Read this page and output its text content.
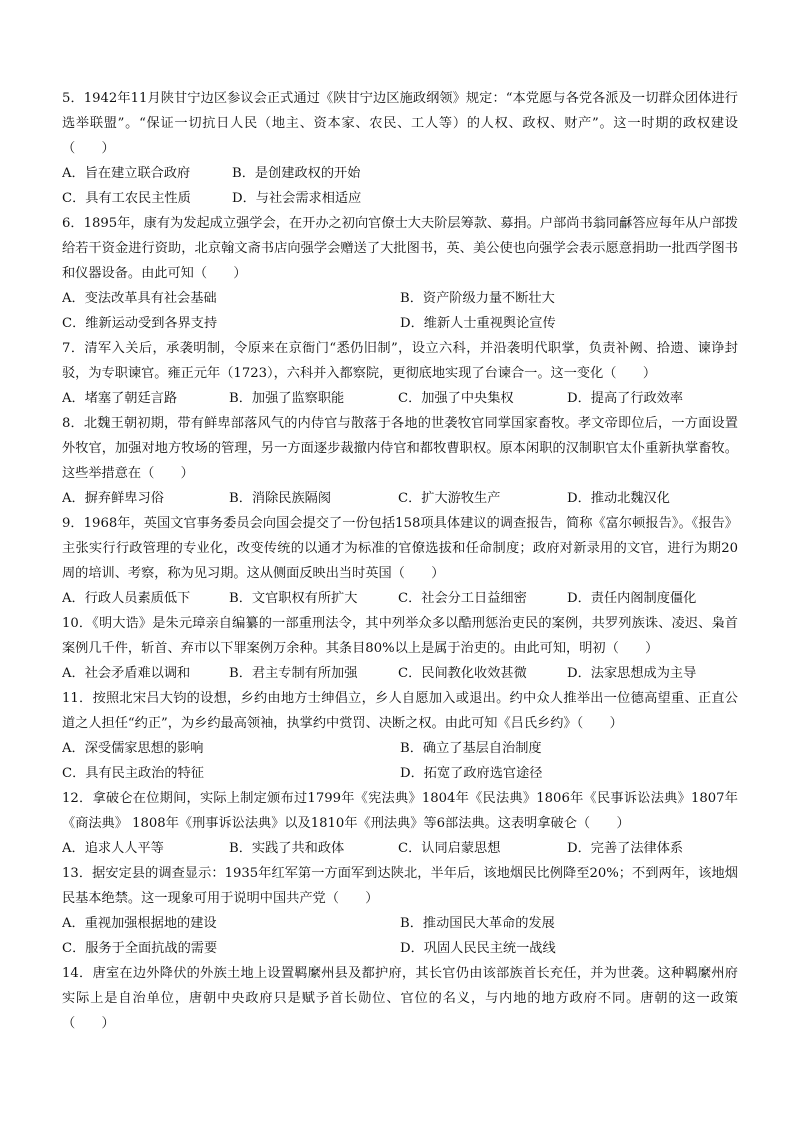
5．1942年11月陕甘宁边区参议会正式通过《陕甘宁边区施政纲领》规定：“本党愿与各党各派及一切群众团体进行选举联盟”。“保证一切抗日人民（地主、资本家、农民、工人等）的人权、政权、财产”。这一时期的政权建设（　　）

A．旨在建立联合政府	B．是创建政权的开始
C．具有工农民主性质	D．与社会需求相适应

6．1895年，康有为发起成立强学会，在开办之初向官僚士大夫阶层筹款、募捐。户部尚书翁同龢答应每年从户部拨给若干资金进行资助，北京翰文斋书店向强学会赠送了大批图书，英、美公使也向强学会表示愿意捐助一批西学图书和仪器设备。由此可知（　　）

A．变法改革具有社会基础	B．资产阶级力量不断壮大
C．维新运动受到各界支持	D．维新人士重视舆论宣传

7．清军入关后，承袭明制，令原来在京衙门“悉仍旧制”，设立六科，并沿袭明代职掌，负责补阙、拾遗、谏诤封驳，为专职谏官。雍正元年（1723），六科并入都察院，更彻底地实现了台谏合一。这一变化（　　）

A．堵塞了朝廷言路	B．加强了监察职能	C．加强了中央集权	D．提高了行政效率

8．北魏王朝初期，带有鲜卑部落风气的内侍官与散落于各地的世袭牧官同掌国家畜牧。孝文帝即位后，一方面设置外牧官，加强对地方牧场的管理，另一方面逐步裁撤内侍官和都牧曹职权。原本闲职的汉制职官太仆重新执掌畜牧。这些举措意在（　　）

A．摒弃鲜卑习俗	B．消除民族隔阂	C．扩大游牧生产	D．推动北魏汉化

9．1968年，英国文官事务委员会向国会提交了一份包括158项具体建议的调查报告，简称《富尔顿报告》。《报告》主张实行行政管理的专业化，改变传统的以通才为标准的官僚选拔和任命制度；政府对新录用的文官，进行为期20周的培训、考察，称为见习期。这从侧面反映出当时英国（　　）

A．行政人员素质低下	B．文官职权有所扩大	C．社会分工日益细密	D．责任内阁制度僵化

10．《明大诰》是朱元璋亲自编纂的一部重刑法令，其中列举众多以酷刑惩治吏民的案例，共罗列族诛、凌迟、枭首案例几千件，斩首、弃市以下罪案例万余种。其条目80%以上是属于治吏的。由此可知，明初（　　）

A．社会矛盾难以调和	B．君主专制有所加强	C．民间教化收效甚微	D．法家思想成为主导

11．按照北宋吕大钧的设想，乡约由地方士绅倡立，乡人自愿加入或退出。约中众人推举出一位德高望重、正直公道之人担任“约正”，为乡约最高领袖，执掌约中赏罚、决断之权。由此可知《吕氏乡约》（　　）

A．深受儒家思想的影响	B．确立了基层自治制度
C．具有民主政治的特征	D．拓宽了政府选官途径

12．拿破仑在位期间，实际上制定颁布过1799年《宪法典》1804年《民法典》1806年《民事诉讼法典》1807年《商法典》 1808年《刑事诉讼法典》以及1810年《刑法典》等6部法典。这表明拿破仑（　　）

A．追求人人平等	B．实践了共和政体	C．认同启蒙思想	D．完善了法律体系

13．据安定县的调查显示：1935年红军第一方面军到达陕北，半年后，该地烟民比例降至20%；不到两年，该地烟民基本绝禁。这一现象可用于说明中国共产党（　　）

A．重视加强根据地的建设	B．推动国民大革命的发展
C．服务于全面抗战的需要	D．巩固人民民主统一战线

14．唐室在边外降伏的外族土地上设置羁縻州县及都护府，其长官仍由该部族首长充任，并为世袭。这种羁縻州府实际上是自治单位，唐朝中央政府只是赋予首长勋位、官位的名义，与内地的地方政府不同。唐朝的这一政策（　　）
